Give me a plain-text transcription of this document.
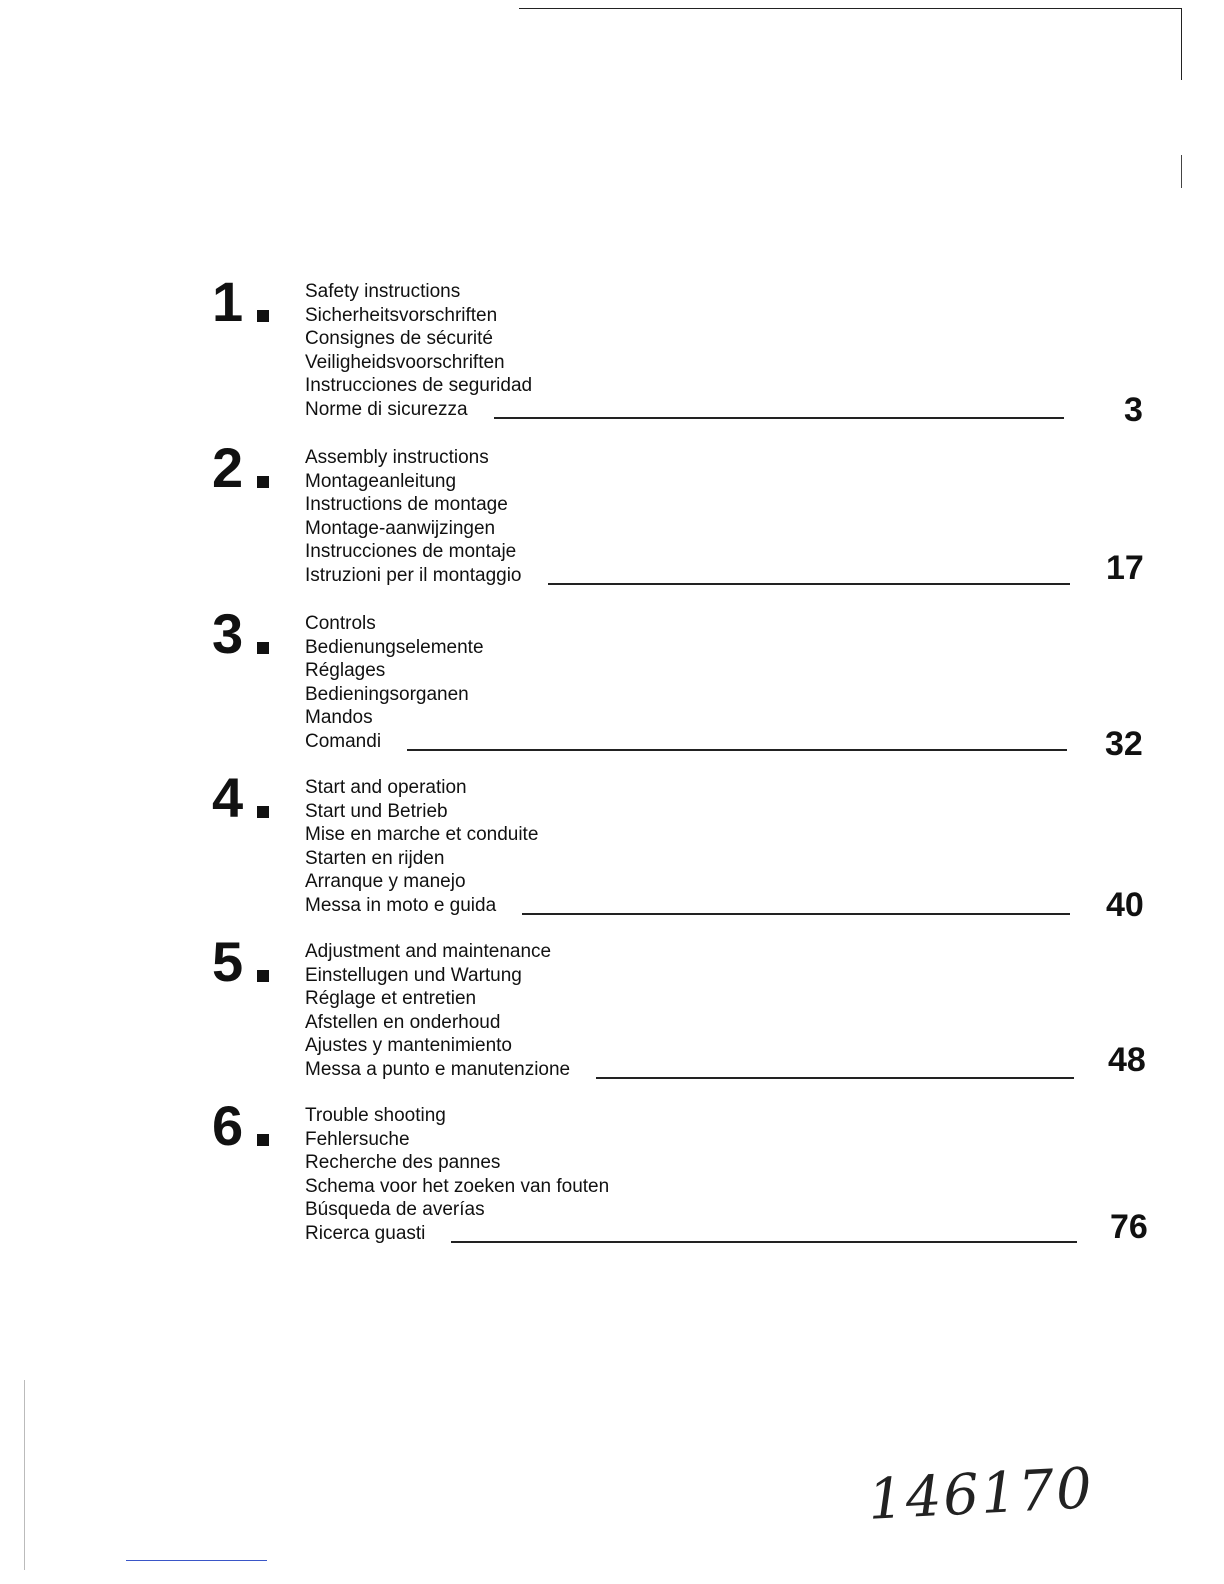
1	Safety instructions
Sicherheitsvorschriften
Consignes de sécurité
Veiligheidsvoorschriften
Instrucciones de seguridad
Norme di sicurezza	3
2	Assembly instructions
Montageanleitung
Instructions de montage
Montage-aanwijzingen
Instrucciones de montaje
Istruzioni per il montaggio	17
3	Controls
Bedienungselemente
Réglages
Bedieningsorganen
Mandos
Comandi	32
4	Start and operation
Start und Betrieb
Mise en marche et conduite
Starten en rijden
Arranque y manejo
Messa in moto e guida	40
5	Adjustment and maintenance
Einstellugen und Wartung
Réglage et entretien
Afstellen en onderhoud
Ajustes y mantenimiento
Messa a punto e manutenzione	48
6	Trouble shooting
Fehlersuche
Recherche des pannes
Schema voor het zoeken van fouten
Búsqueda de averías
Ricerca guasti	76
146170
